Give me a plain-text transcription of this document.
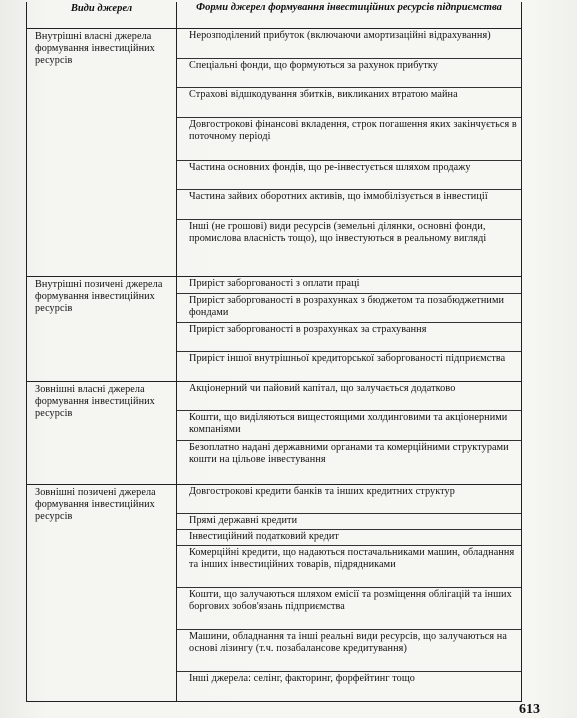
Види джерел	Форми джерел формування інвестиційних ресурсів підприємства
Внутрішні власні джерела формування інвестиційних ресурсів
Нерозподілений прибуток (включаючи амортизаційні відрахування)
Спеціальні фонди, що формуються за рахунок прибутку
Страхові відшкодування збитків, викликаних втратою майна
Довгострокові фінансові вкладення, строк погашення яких закінчується в поточному періоді
Частина основних фондів, що ре-інвестується шляхом продажу
Частина зайвих оборотних активів, що іммобілізується в інвестиції
Інші (не грошові) види ресурсів (земельні ділянки, основні фонди, промислова власність тощо), що інвестуються в реальному вигляді
Внутрішні позичені джерела формування інвестиційних ресурсів
Приріст заборгованості з оплати праці
Приріст заборгованості в розрахунках з бюджетом та позабюджетними фондами
Приріст заборгованості в розрахунках за страхування
Приріст іншої внутрішньої кредиторської заборгованості підприємства
Зовнішні власні джерела формування інвестиційних ресурсів
Акціонерний чи пайовий капітал, що залучається додатково
Кошти, що виділяються вищестоящими холдинговими та акціонерними компаніями
Безоплатно надані державними органами та комерційними структурами кошти на цільове інвестування
Зовнішні позичені джерела формування інвестиційних ресурсів
Довгострокові кредити банків та інших кредитних структур
Прямі державні кредити
Інвестиційний податковий кредит
Комерційні кредити, що надаються постачальниками машин, обладнання та інших інвестиційних товарів, підрядниками
Кошти, що залучаються шляхом емісії та розміщення облігацій та інших боргових зобов'язань підприємства
Машини, обладнання та інші реальні види ресурсів, що залучаються на основі лізингу (т.ч. позабалансове кредитування)
Інші джерела: селінг, факторинг, форфейтинг тощо
613
